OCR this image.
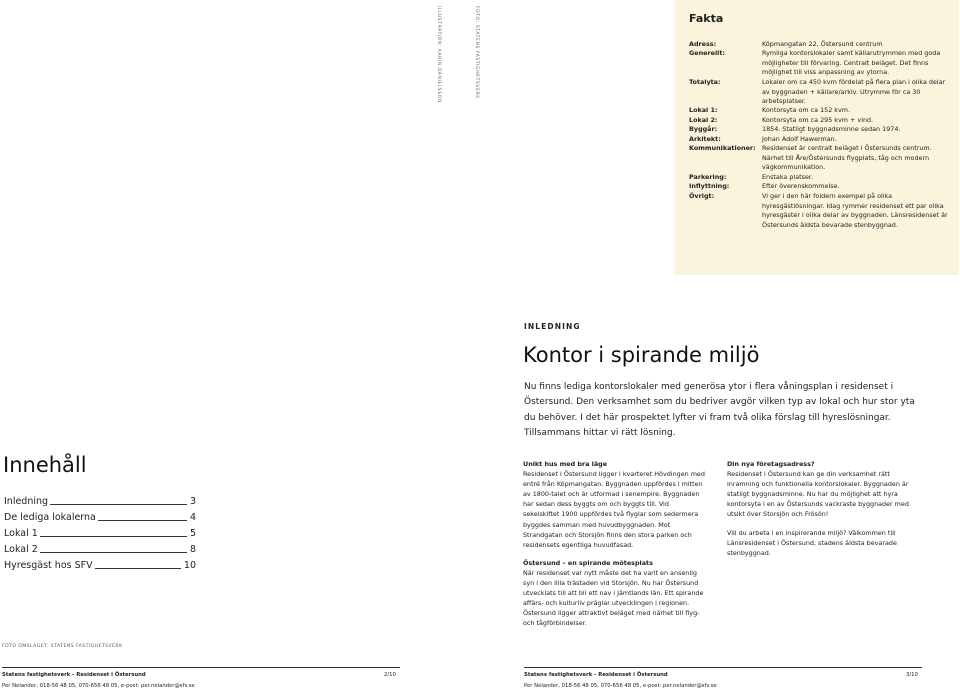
ILLUSTRATION: KARIN DANIELSSON	FOTO: STATENS FASTIGHETSVERK	Fakta
Adress:	Köpmangatan 22, Östersund centrum
Generellt:	Rymliga kontorslokaler samt källarutrymmen med goda möjligheter till förvaring. Centralt beläget. Det finns möjlighet till viss anpassning av ytorna.
Totalyta:	Lokaler om ca 450 kvm fördelat på flera plan i olika delar av byggnaden + källare/arkiv. Utrymme för ca 30 arbetsplatser.
Lokal 1:	Kontorsyta om ca 152 kvm.
Lokal 2:	Kontorsyta om ca 295 kvm + vind.
Byggår:	1854. Statligt byggnadsminne sedan 1974.
Arkitekt:	Johan Adolf Hawerman.
Kommunikationer: Residenset är centralt beläget i Östersunds centrum. Närhet till Åre/Östersunds flygplats, tåg och modern vägkommunikation.
Parkering:	Enstaka platser.
Inflyttning:	Efter överenskommelse.
Övrigt:	Vi ger i den här foldern exempel på olika hyresgästlösningar. Idag rymmer residenset ett par olika hyresgäster i olika delar av byggnaden. Länsresidenset är Östersunds äldsta bevarade stenbyggnad.
INLEDNING
Kontor i spirande miljö
Nu finns lediga kontorslokaler med generösa ytor i flera våningsplan i residenset i Östersund. Den verksamhet som du bedriver avgör vilken typ av lokal och hur stor yta du behöver. I det här prospektet lyfter vi fram två olika förslag till hyreslösningar. Tillsammans hittar vi rätt lösning.
Innehåll
Inledning	3
De lediga lokalerna	4
Lokal 1	5
Lokal 2	8
Hyresgäst hos SFV	10
Unikt hus med bra läge

Residenset i Östersund ligger i kvarteret Hövdingen med entré från Köpmangatan. Byggnaden uppfördes i mitten av 1800-talet och är utformad i senempire. Byggnaden har sedan dess byggts om och byggts till. Vid sekelskiftet 1900 uppfördes två flyglar som sedermera byggdes samman med huvudbyggnaden. Mot Strandgatan och Storsjön finns den stora parken och residensets egentliga huvudfasad.

Östersund – en spirande mötesplats

När residenset var nytt måste det ha varit en ansenlig syn i den lilla trästaden vid Storsjön. Nu har Östersund utvecklats till att bli ett nav i Jämtlands län. Ett spirande affärs- och kulturliv präglar utvecklingen i regionen. Östersund ligger attraktivt beläget med närhet till flyg- och tågförbindelser.

Din nya företagsadress?

Residenset i Östersund kan ge din verksamhet rätt inramning och funktionella kontorslokaler. Byggnaden är statligt byggnadsminne. Nu har du möjlighet att hyra kontorsyta i en av Östersunds vackraste byggnader med utsikt över Storsjön och Frösön!

Vill du arbeta i en inspirerande miljö? Välkommen till Länsresidenset i Östersund, stadens äldsta bevarade stenbyggnad.

FOTO OMSLAGET: STATENS FASTIGHETSVERK
Statens fastighetsverk – Residenset i Östersund	2/10
Per Nelander, 018-56 48 05, 070-656 48 05, e-post: per.nelander@sfv.se
Statens fastighetsverk – Residenset i Östersund	3/10
Per Nelander, 018-56 48 05, 070-656 48 05, e-post: per.nelander@sfv.se
